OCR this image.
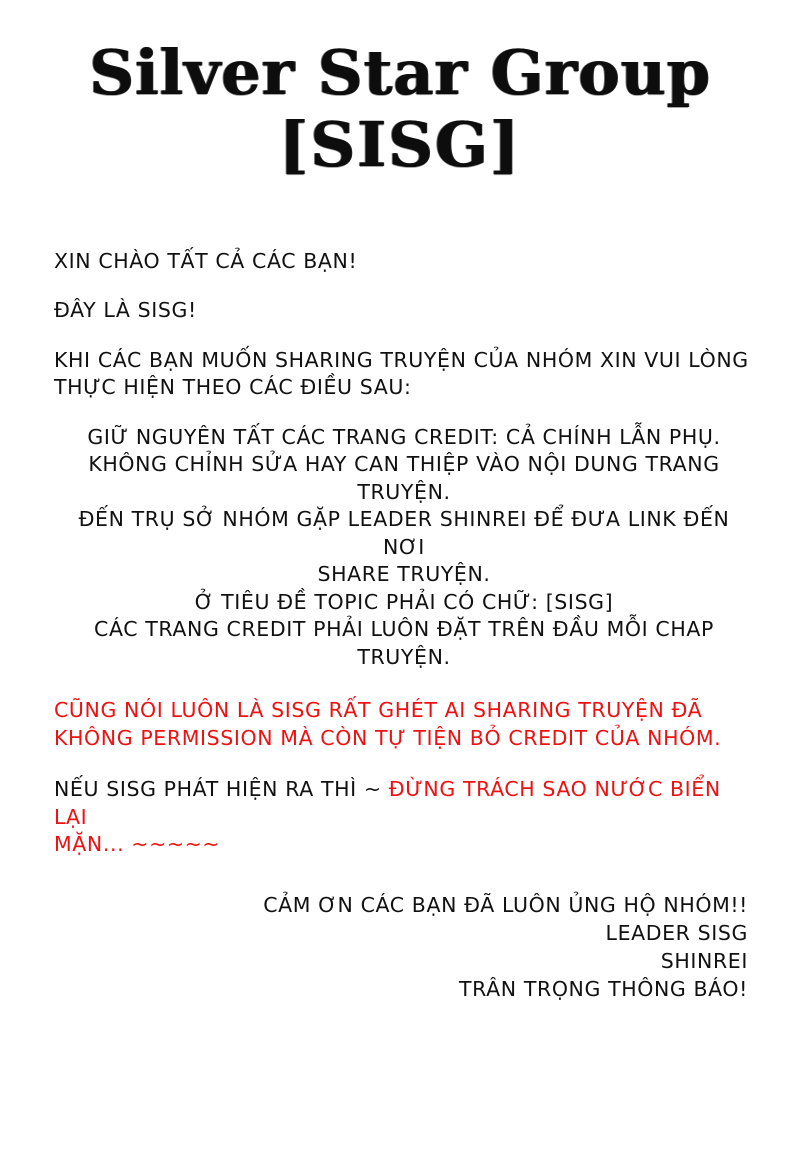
Silver Star Group
[SISG]

XIN CHÀO TẤT CẢ CÁC BẠN!

ĐÂY LÀ SISG!

KHI CÁC BẠN MUỐN SHARING TRUYỆN CỦA NHÓM XIN VUI LÒNG

THỰC HIỆN THEO CÁC ĐIỀU SAU:

GIỮ NGUYÊN TẤT CÁC TRANG CREDIT: CẢ CHÍNH LẪN PHỤ.
KHÔNG CHỈNH SỬA HAY CAN THIỆP VÀO NỘI DUNG TRANG
TRUYỆN.
ĐẾN TRỤ SỞ NHÓM GẶP LEADER SHINREI ĐỂ ĐƯA LINK ĐẾN NƠI
SHARE TRUYỆN.
Ở TIÊU ĐỀ TOPIC PHẢI CÓ CHỮ: [SISG]
CÁC TRANG CREDIT PHẢI LUÔN ĐẶT TRÊN ĐẦU MỖI CHAP
TRUYỆN.
CŨNG NÓI LUÔN LÀ SISG RẤT GHÉT AI SHARING TRUYỆN ĐÃ
KHÔNG PERMISSION MÀ CÒN TỰ TIỆN BỎ CREDIT CỦA NHÓM.
NẾU SISG PHÁT HIỆN RA THÌ ~ ĐỪNG TRÁCH SAO NƯỚC BIỂN LẠI
MẶN... ~~~~~
CẢM ƠN CÁC BẠN ĐÃ LUÔN ỦNG HỘ NHÓM!!
LEADER SISG
SHINREI
TRÂN TRỌNG THÔNG BÁO!
